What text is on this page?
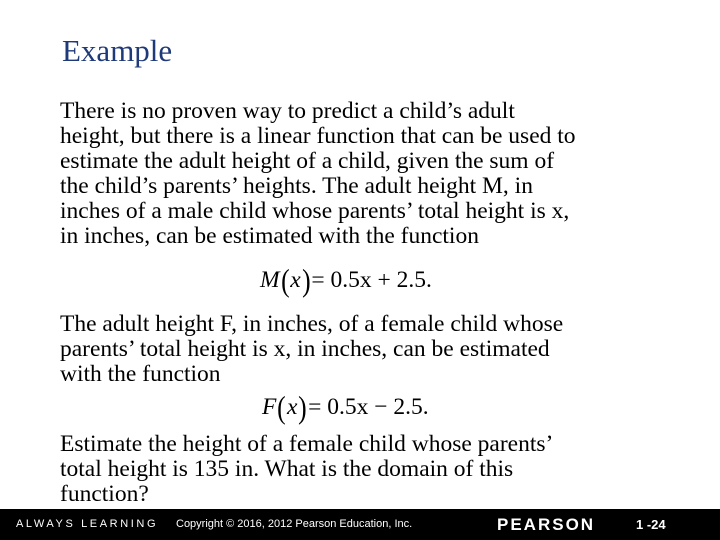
Example
There is no proven way to predict a child’s adult
height, but there is a linear function that can be used to
estimate the adult height of a child, given the sum of
the child’s parents’ heights. The adult height M, in
inches of a male child whose parents’ total height is x,
in inches, can be estimated with the function
M(x)= 0.5x + 2.5.
The adult height F, in inches, of a female child whose
parents’ total height is x, in inches, can be estimated
with the function
F(x)= 0.5x − 2.5.
Estimate the height of a female child whose parents’
total height is 135 in. What is the domain of this
function?
ALWAYS LEARNING Copyright © 2016, 2012 Pearson Education, Inc.	PEARSON	1 -24
